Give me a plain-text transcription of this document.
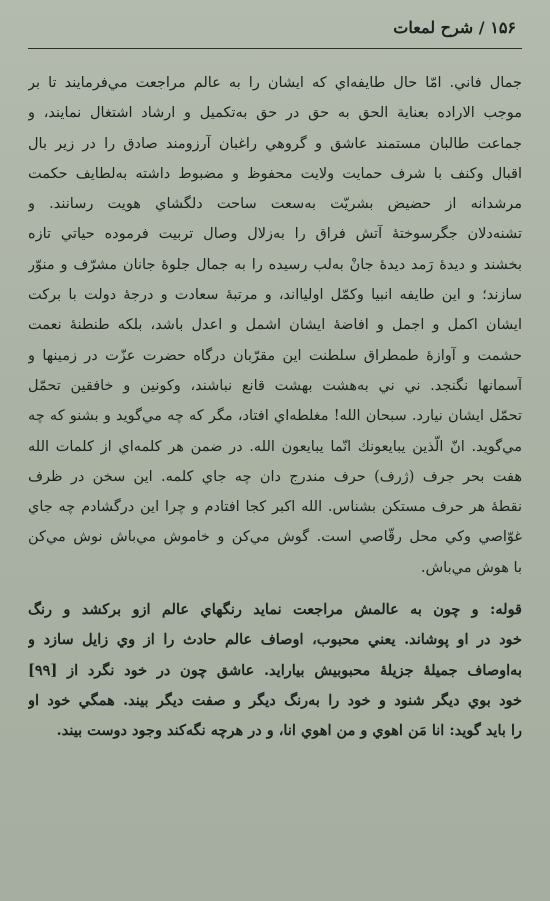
۱۵۶ / شرح لمعات
جمال فاني. امّا حال طايفه‌اي كه ايشان را به عالم مراجعت مي‌فرمايند تا بر
موجب الاراده بعناية الحق به حق در حق به‌تكميل و ارشاد اشتغال نمايند، و
جماعت طالبان مستمند عاشق و گروهي راغبان آرزومند صادق را در زير بال
اقبال وكنف با شرف حمايت ولايت محفوظ و مضبوط داشته به‌لطايف حكمت
مرشدانه از حضيض بشريّت به‌سعت ساحت دلگشاي هويت رسانند. و
تشنه‌دلان جگرسوختهٔ آتش فراق را به‌زلال وصال تربيت فرموده حياتي تازه
بخشند و ديدهٔ رَمد ديدهٔ جانْ به‌لب رسيده را به جمال جلوهٔ جانان مشرّف و منوّر
سازند؛ و اين طايفه انبيا وكمّل اوليااند، و مرتبهٔ سعادت و درجهٔ دولت با بركت
ايشان اكمل و اجمل و افاضهٔ ايشان اشمل و اعدل باشد، بلكه طنطنهٔ نعمت
حشمت و آوازهٔ طمطراق سلطنت اين مقرّبان درگاه حضرت عزّت در زمينها و
آسمانها نگنجد. ني ني به‌هشت بهشت قانع نباشند، وكونين و خافقين تحمّل
تحمّل ايشان نيارد. سبحان الله! مغلطه‌اي افتاد، مگر كه چه مي‌گويد و بشنو كه چه
مي‌گويد. انّ الّذين يبايعونك انّما يبايعون الله. در ضمن هر كلمه‌اي از كلمات الله
هفت بحر جرف (ژرف) حرف مندرج دان چه جاي كلمه. اين سخن در ظرف
نقطهٔ هر حرف مستكن بشناس. الله اكبر كجا افتادم و چرا اين درگشادم چه جاي
غوّاصي وكي محل رقّاصي است. گوش مي‌كن و خاموش مي‌باش نوش مي‌كن
با هوش مي‌باش.
قوله: و چون به عالمش مراجعت نمايد رنگهاي عالم ازو بركشد و رنگ
خود در او پوشاند. يعني محبوب، اوصاف عالم حادث را از وي زايل سازد و
به‌اوصاف جميلهٔ جزيلهٔ محبوبيش بيارايد. عاشق چون در خود نگرد از [۹۹]
خود بوي ديگر شنود و خود را به‌رنگ ديگر و صفت ديگر بيند. همگي خود او
را بايد گويد: انا مَن اهوي و من اهوي انا، و در هرچه نگه‌كند وجود دوست بيند.
